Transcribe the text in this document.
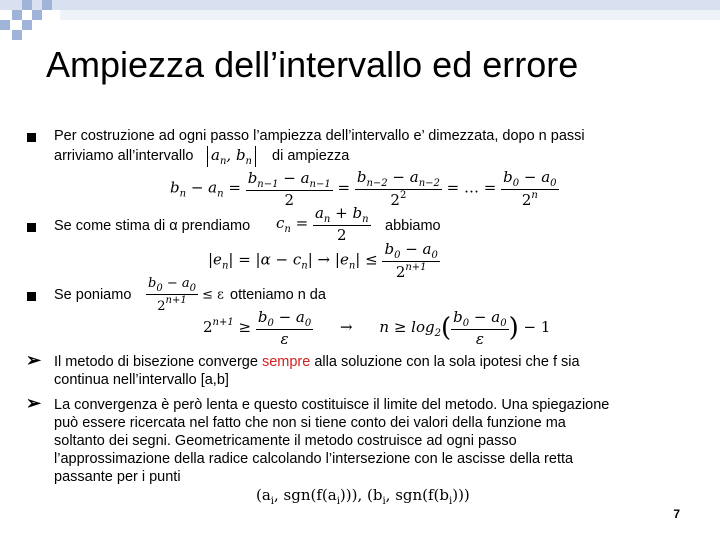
Ampiezza dell’intervallo ed errore
Per costruzione ad ogni passo l’ampiezza dell’intervallo e’ dimezzata, dopo n passi
arriviamo all’intervallo $a_n$, $b_n$ di ampiezza
$b_n - a_n = \frac{b_{n-1} - a_{n-1}}{2} = \frac{b_{n-2} - a_{n-2}}{2^2}$ = … = $\frac{b_0 - a_0}{2^n}$
Se come stima di α prendiamo $c_n = \frac{a_n + b_n}{2}$ abbiamo
$|e_n| = |\alpha - c_n| \to |e_n| \le \frac{b_0 - a_0}{2^{n+1}}$
Se poniamo $\frac{b_0 - a_0}{2^{n+1}} \le \varepsilon$ otteniamo n da
$2^{n+1} \ge \frac{b_0 - a_0}{\varepsilon} \to n \ge \log_2( \frac{b_0 - a_0}{\varepsilon}$ ) − 1
➢ Il metodo di bisezione converge sempre alla soluzione con la sola ipotesi che f sia
continua nell’intervallo [a,b]
➢ La convergenza è però lenta e questo costituisce il limite del metodo. Una spiegazione
può essere ricercata nel fatto che non si tiene conto dei valori della funzione ma
soltanto dei segni. Geometricamente il metodo costruisce ad ogni passo
l’approssimazione della radice calcolando l’intersezione con le ascisse della retta
passante per i punti
($a_i$, $sgn(f(a_i))$), ($b_i$, $sgn(f(b_i))$)
7
